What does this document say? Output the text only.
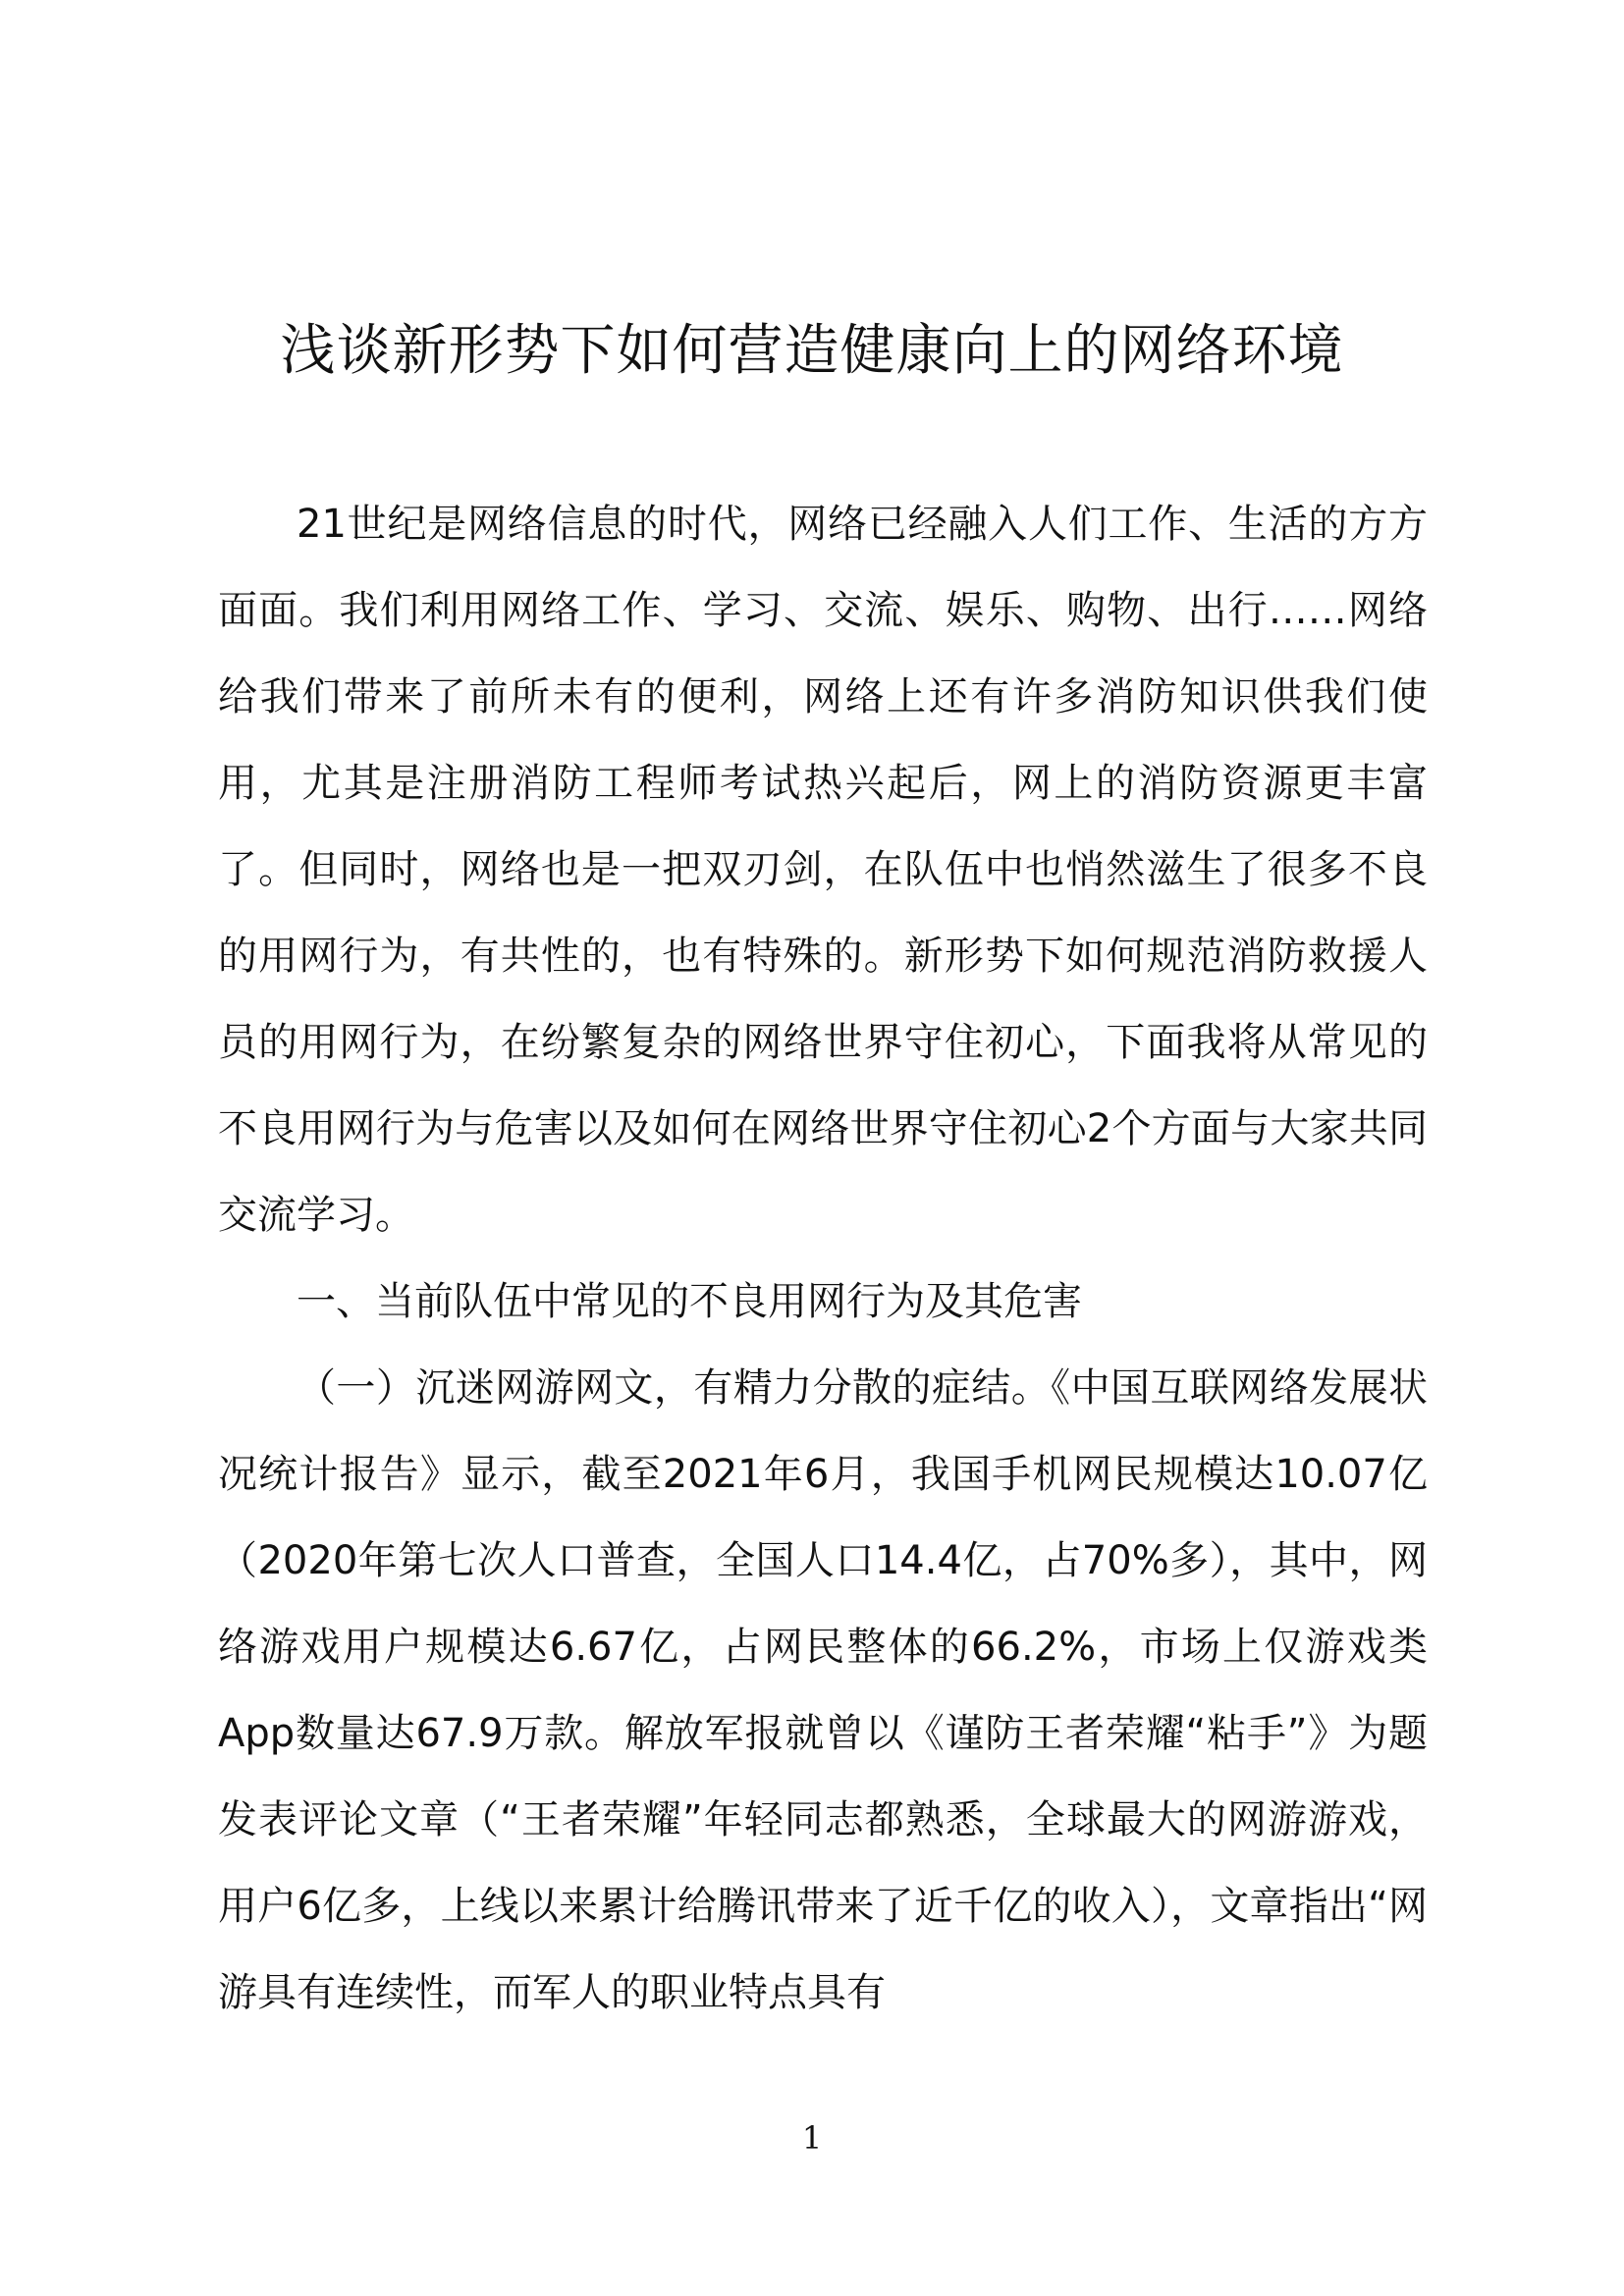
浅谈新形势下如何营造健康向上的网络环境

21世纪是网络信息的时代，网络已经融入人们工作、生活的方方面面。我们利用网络工作、学习、交流、娱乐、购物、出行……网络给我们带来了前所未有的便利，网络上还有许多消防知识供我们使用，尤其是注册消防工程师考试热兴起后，网上的消防资源更丰富了。但同时，网络也是一把双刃剑，在队伍中也悄然滋生了很多不良的用网行为，有共性的，也有特殊的。新形势下如何规范消防救援人员的用网行为，在纷繁复杂的网络世界守住初心，下面我将从常见的不良用网行为与危害以及如何在网络世界守住初心2个方面与大家共同交流学习。

一、当前队伍中常见的不良用网行为及其危害

（一）沉迷网游网文，有精力分散的症结。《中国互联网络发展状况统计报告》显示，截至2021年6月，我国手机网民规模达10.07亿（2020年第七次人口普查，全国人口14.4亿，占70%多），其中，网络游戏用户规模达6.67亿，占网民整体的66.2%，市场上仅游戏类App数量达67.9万款。解放军报就曾以《谨防王者荣耀“粘手”》为题发表评论文章（“王者荣耀”年轻同志都熟悉，全球最大的网游游戏，用户6亿多，上线以来累计给腾讯带来了近千亿的收入），文章指出“网游具有连续性，而军人的职业特点具有

1
